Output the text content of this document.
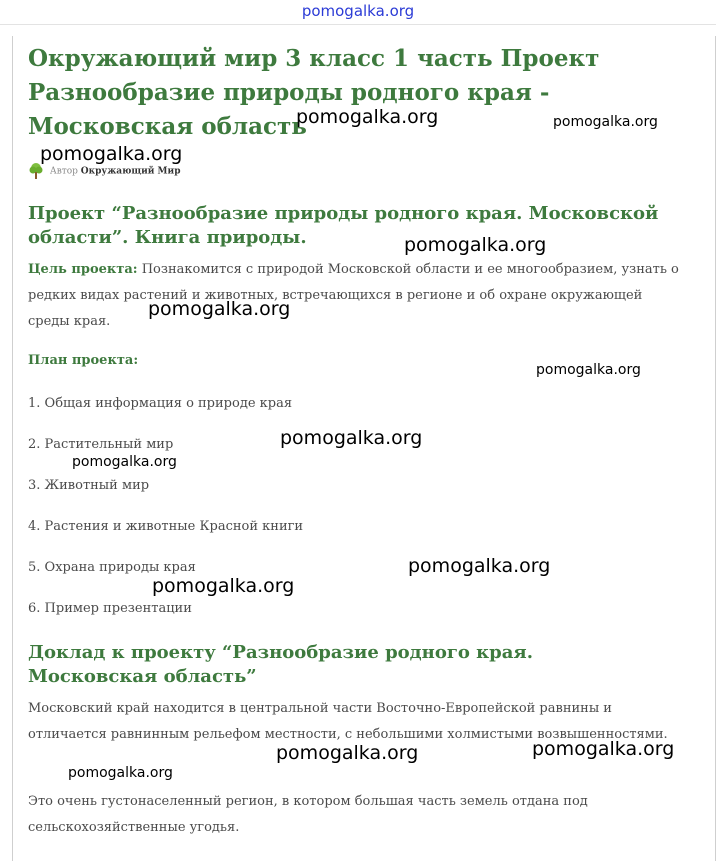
pomogalka.org
Окружающий мир 3 класс 1 часть Проект Разнообразие природы родного края - Московская область
Автор Окружающий Мир
Проект “Разнообразие природы родного края. Московской области”. Книга природы.

Цель проекта: Познакомится с природой Московской области и ее многообразием, узнать о редких видах растений и животных, встречающихся в регионе и об охране окружающей среды края.

План проекта:
1. Общая информация о природе края
2. Растительный мир
3. Животный мир
4. Растения и животные Красной книги
5. Охрана природы края
6. Пример презентации
Доклад к проекту “Разнообразие родного края. Московская область”

Московский край находится в центральной части Восточно-Европейской равнины и отличается равнинным рельефом местности, с небольшими холмистыми возвышенностями.

Это очень густонаселенный регион, в котором большая часть земель отдана под сельскохозяйственные угодья.

pomogalka.org	pomogalka.org
pomogalka.org
pomogalka.org
pomogalka.org
pomogalka.org
pomogalka.org
pomogalka.org
pomogalka.org
pomogalka.org
pomogalka.org
pomogalka.org
pomogalka.org
